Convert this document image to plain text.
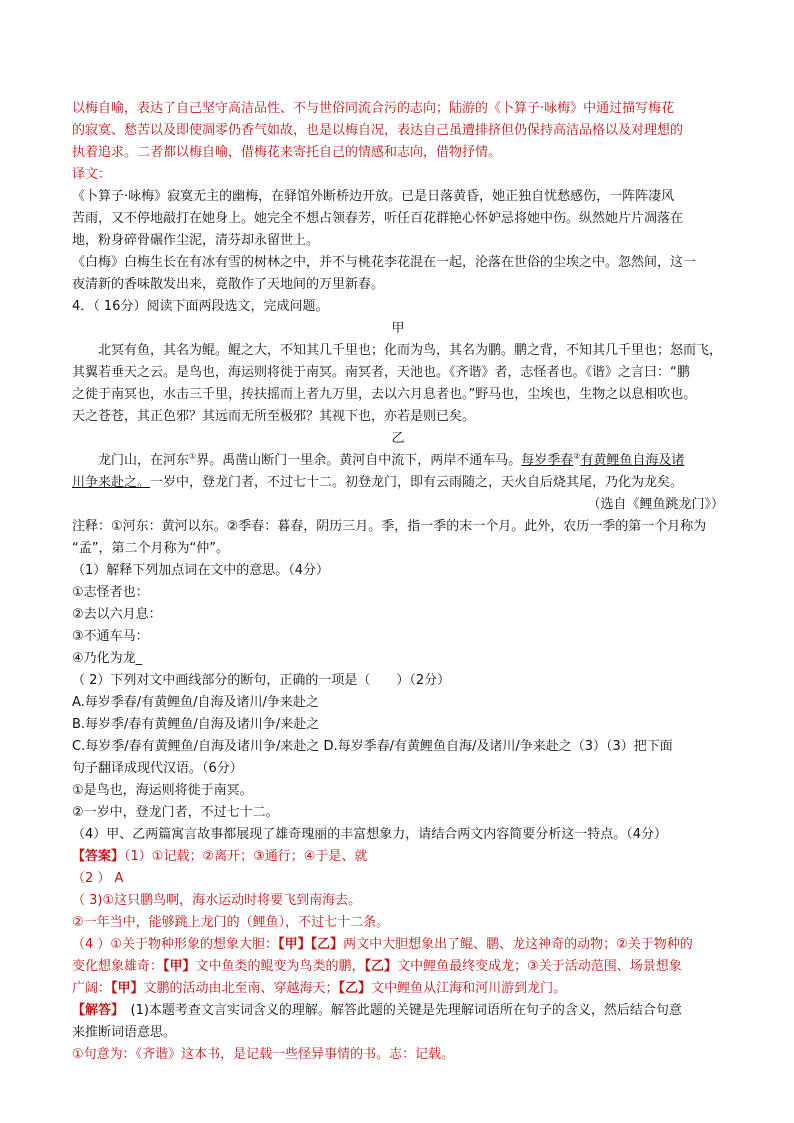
以梅自喻，表达了自己坚守高洁品性、不与世俗同流合污的志向；陆游的《卜算子·咏梅》中通过描写梅花

的寂寞、愁苦以及即使凋零仍香气如故，也是以梅自况，表达自己虽遭排挤但仍保持高洁品格以及对理想的

执着追求。二者都以梅自喻，借梅花来寄托自己的情感和志向，借物抒情。

译文：

《卜算子·咏梅》寂寞无主的幽梅，在驿馆外断桥边开放。已是日落黄昏，她正独自忧愁感伤，一阵阵凄风

苦雨，又不停地敲打在她身上。她完全不想占领春芳，听任百花群艳心怀妒忌将她中伤。纵然她片片凋落在

地，粉身碎骨碾作尘泥，清芬却永留世上。

《白梅》白梅生长在有冰有雪的树林之中，并不与桃花李花混在一起，沦落在世俗的尘埃之中。忽然间，这一

夜清新的香味散发出来，竟散作了天地间的万里新春。

4．（ 16分）阅读下面两段选文，完成问题。

甲

北冥有鱼，其名为鲲。鲲之大，不知其几千里也；化而为鸟，其名为鹏。鹏之背，不知其几千里也；怒而飞，

其翼若垂天之云。是鸟也，海运则将徙于南冥。南冥者，天池也。《齐谐》者，志怪者也。《谐》之言曰：“鹏

之徙于南冥也，水击三千里，抟扶摇而上者九万里，去以六月息者也。”野马也，尘埃也，生物之以息相吹也。

天之苍苍，其正色邪？其远而无所至极邪？其视下也，亦若是则已矣。

乙

龙门山，在河东①界。禹凿山断门一里余。黄河自中流下，两岸不通车马。每岁季春②有黄鲤鱼自海及诸

川争来赴之。一岁中，登龙门者，不过七十二。初登龙门，即有云雨随之，天火自后烧其尾，乃化为龙矣。

（选自《鲤鱼跳龙门》）

注释：①河东：黄河以东。②季春：暮春，阴历三月。季，指一季的末一个月。此外，农历一季的第一个月称为

“孟”，第二个月称为“仲”。

（1）解释下列加点词在文中的意思。（4分）

①志怪者也：

②去以六月息：

③不通车马：

④乃化为龙_

（ 2）下列对文中画线部分的断句，正确的一项是（　　）（2分）

A.每岁季春/有黄鲤鱼/自海及诸川/争来赴之

B.每岁季/春有黄鲤鱼/自海及诸川争/来赴之

C.每岁季/春有黄鲤鱼/自海及诸川争/来赴之 D.每岁季春/有黄鲤鱼自海/及诸川/争来赴之（3）（3）把下面

句子翻译成现代汉语。（6分）

①是鸟也，海运则将徙于南冥。

②一岁中，登龙门者，不过七十二。

（4）甲、乙两篇寓言故事都展现了雄奇瑰丽的丰富想象力，请结合两文内容简要分析这一特点。（4分）

【答案】（1）①记载；②离开；③通行；④于是、就

（2 ） A

（ 3)①这只鹏鸟啊，海水运动时将要飞到南海去。

②一年当中，能够跳上龙门的（鲤鱼），不过七十二条。

（4 ）①关于物种形象的想象大胆：【甲】【乙】两文中大胆想象出了鲲、鹏、龙这神奇的动物；②关于物种的

变化想象雄奇：【甲】文中鱼类的鲲变为鸟类的鹏，【乙】文中鲤鱼最终变成龙；③关于活动范围、场景想象

广阔：【甲】文鹏的活动由北至南、穿越海天；【乙】文中鲤鱼从江海和河川游到龙门。

【解答】　(1)本题考查文言实词含义的理解。解答此题的关键是先理解词语所在句子的含义，然后结合句意

来推断词语意思。

①句意为：《齐谐》这本书，是记载一些怪异事情的书。志：记载。
